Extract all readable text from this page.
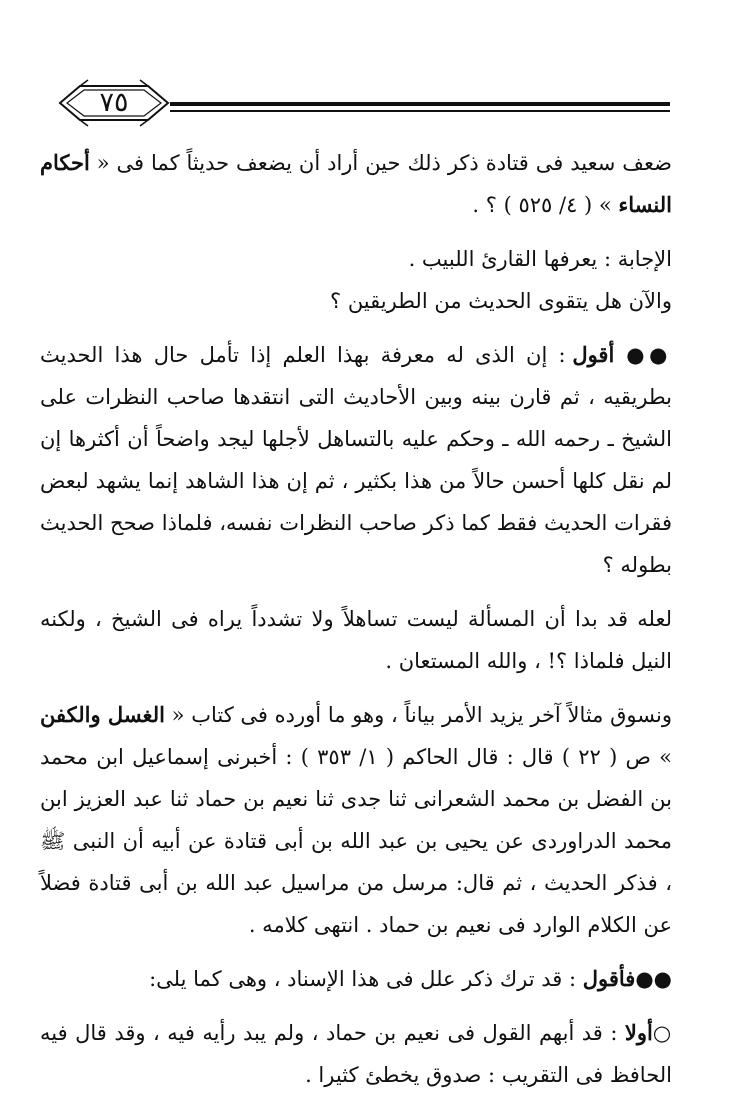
٧٥

ضعف سعيد فى قتادة ذكر ذلك حين أراد أن يضعف حديثاً كما فى « أحكام النساء » ( ٤/ ٥٢٥ ) ؟ .

الإجابة : يعرفها القارئ اللبيب .

والآن هل يتقوى الحديث من الطريقين ؟

●● أقول : إن الذى له معرفة بهذا العلم إذا تأمل حال هذا الحديث بطريقيه ، ثم قارن بينه وبين الأحاديث التى انتقدها صاحب النظرات على الشيخ ـ رحمه الله ـ وحكم عليه بالتساهل لأجلها ليجد واضحاً أن أكثرها إن لم نقل كلها أحسن حالاً من هذا بكثير ، ثم إن هذا الشاهد إنما يشهد لبعض فقرات الحديث فقط كما ذكر صاحب النظرات نفسه، فلماذا صحح الحديث بطوله ؟

لعله قد بدا أن المسألة ليست تساهلاً ولا تشدداً يراه فى الشيخ ، ولكنه النيل فلماذا ؟! ، والله المستعان .

ونسوق مثالاً آخر يزيد الأمر بياناً ، وهو ما أورده فى كتاب « الغسل والكفن » ص ( ٢٢ ) قال : قال الحاكم ( ١/ ٣٥٣ ) : أخبرنى إسماعيل ابن محمد بن الفضل بن محمد الشعرانى ثنا جدى ثنا نعيم بن حماد ثنا عبد العزيز ابن محمد الدراوردى عن يحيى بن عبد الله بن أبى قتادة عن أبيه أن النبى ﷺ ، فذكر الحديث ، ثم قال: مرسل من مراسيل عبد الله بن أبى قتادة فضلاً عن الكلام الوارد فى نعيم بن حماد . انتهى كلامه .

●●فأقول : قد ترك ذكر علل فى هذا الإسناد ، وهى كما يلى:

○أولا : قد أبهم القول فى نعيم بن حماد ، ولم يبد رأيه فيه ، وقد قال فيه الحافظ فى التقريب : صدوق يخطئ كثيرا .
